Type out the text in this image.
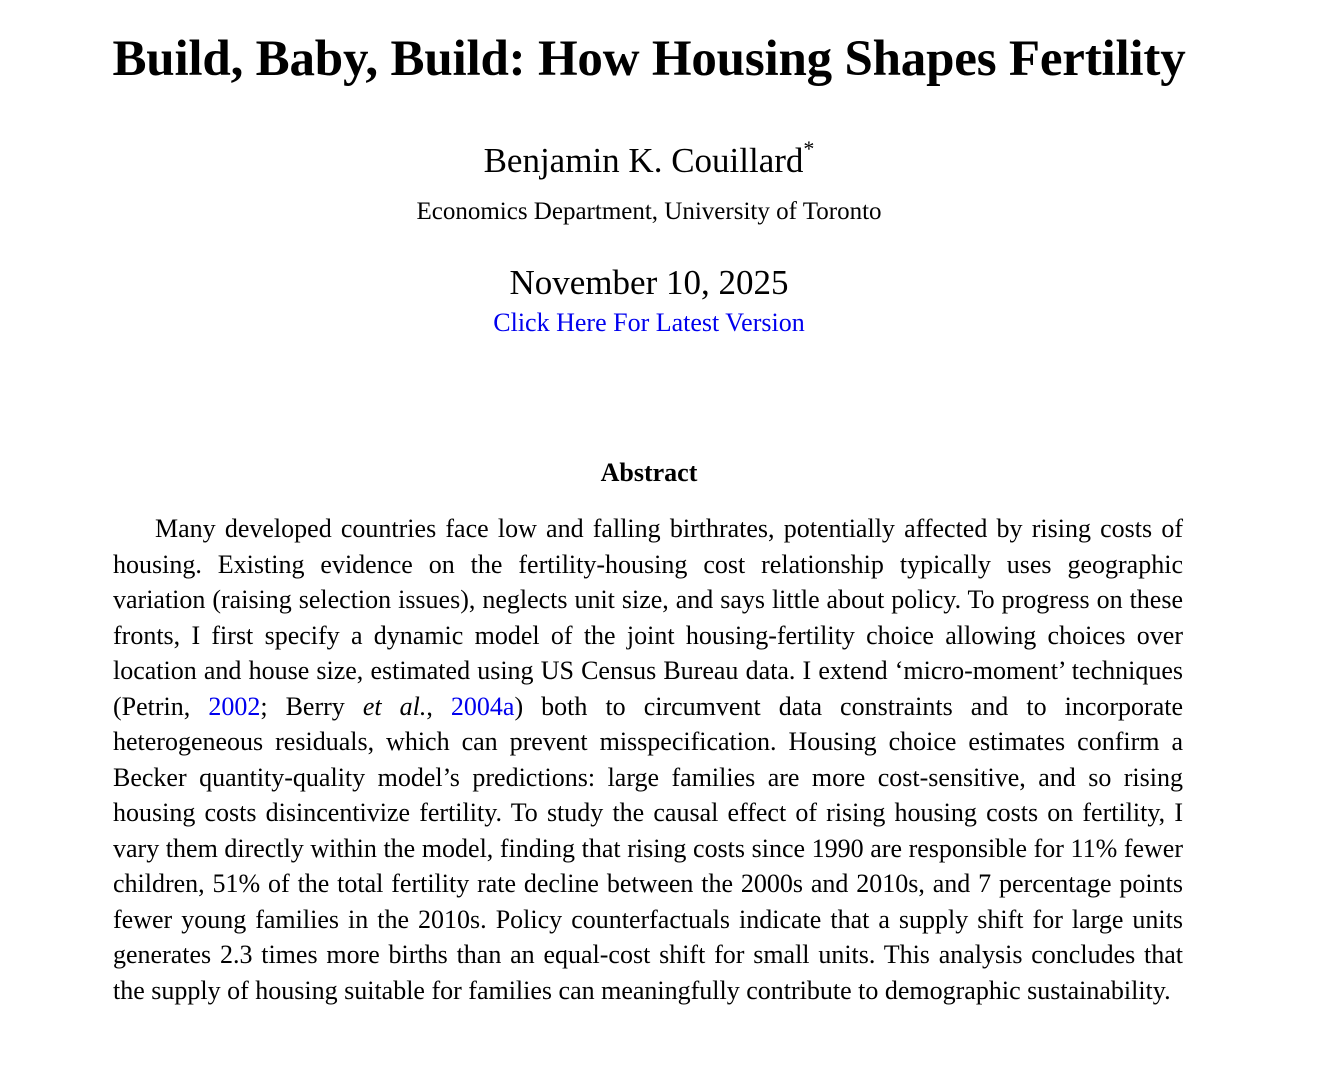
Build, Baby, Build: How Housing Shapes Fertility
Benjamin K. Couillard*
Economics Department, University of Toronto
November 10, 2025
Click Here For Latest Version
Abstract

Many developed countries face low and falling birthrates, potentially affected by rising costs of housing. Existing evidence on the fertility-housing cost relationship typically uses geographic variation (raising selection issues), neglects unit size, and says little about policy. To progress on these fronts, I first specify a dynamic model of the joint housing-fertility choice allowing choices over location and house size, estimated using US Census Bureau data. I extend ‘micro-moment’ techniques (Petrin, 2002; Berry et al., 2004a) both to circumvent data constraints and to incorporate heterogeneous residuals, which can prevent misspecification. Housing choice estimates confirm a Becker quantity-quality model’s predictions: large families are more cost-sensitive, and so rising housing costs disincentivize fertility. To study the causal effect of rising housing costs on fertility, I vary them directly within the model, finding that rising costs since 1990 are responsible for 11% fewer children, 51% of the total fertility rate decline between the 2000s and 2010s, and 7 percentage points fewer young families in the 2010s. Policy counterfactuals indicate that a supply shift for large units generates 2.3 times more births than an equal-cost shift for small units. This analysis concludes that the supply of housing suitable for families can meaningfully contribute to demographic sustainability.
